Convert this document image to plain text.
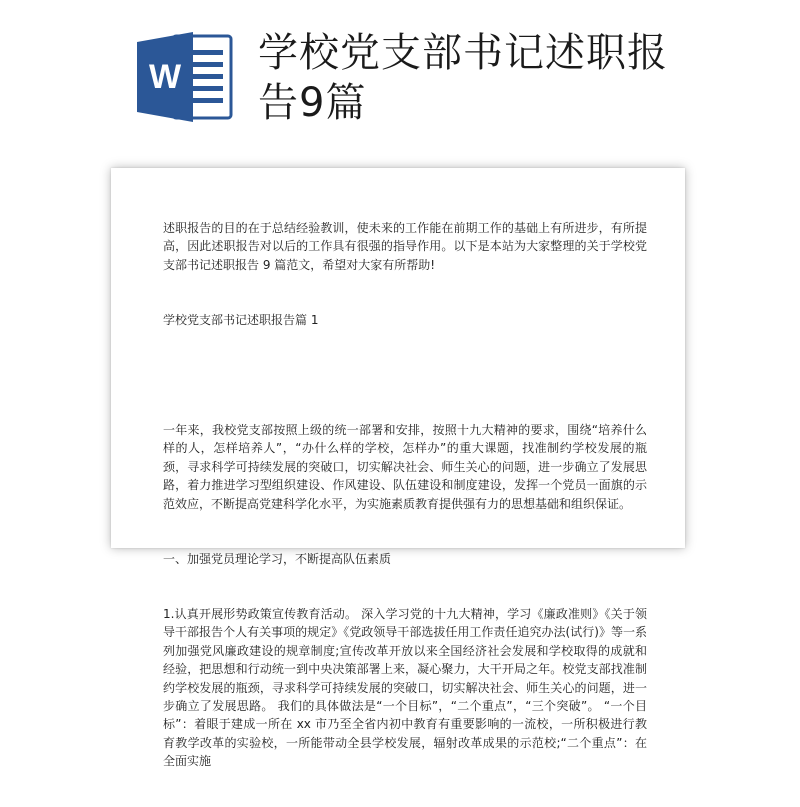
W
学校党支部书记述职报告9篇

述职报告的目的在于总结经验教训，使未来的工作能在前期工作的基础上有所进步，有所提高，因此述职报告对以后的工作具有很强的指导作用。以下是本站为大家整理的关于学校党支部书记述职报告 9 篇范文，希望对大家有所帮助!

学校党支部书记述职报告篇 1

一年来，我校党支部按照上级的统一部署和安排，按照十九大精神的要求，围绕“培养什么样的人，怎样培养人”，“办什么样的学校，怎样办”的重大课题，找准制约学校发展的瓶颈，寻求科学可持续发展的突破口，切实解决社会、师生关心的问题，进一步确立了发展思路，着力推进学习型组织建设、作风建设、队伍建设和制度建设，发挥一个党员一面旗的示范效应，不断提高党建科学化水平，为实施素质教育提供强有力的思想基础和组织保证。

一、加强党员理论学习，不断提高队伍素质

1.认真开展形势政策宣传教育活动。 深入学习党的十九大精神，学习《廉政准则》《关于领导干部报告个人有关事项的规定》《党政领导干部选拔任用工作责任追究办法(试行)》等一系列加强党风廉政建设的规章制度;宣传改革开放以来全国经济社会发展和学校取得的成就和经验，把思想和行动统一到中央决策部署上来，凝心聚力，大干开局之年。校党支部找准制约学校发展的瓶颈，寻求科学可持续发展的突破口，切实解决社会、师生关心的问题，进一步确立了发展思路。 我们的具体做法是“一个目标”，“二个重点”，“三个突破”。 “一个目标”：着眼于建成一所在 xx 市乃至全省内初中教育有重要影响的一流校，一所积极进行教育教学改革的实验校，一所能带动全县学校发展，辐射改革成果的示范校;“二个重点”：在全面实施
